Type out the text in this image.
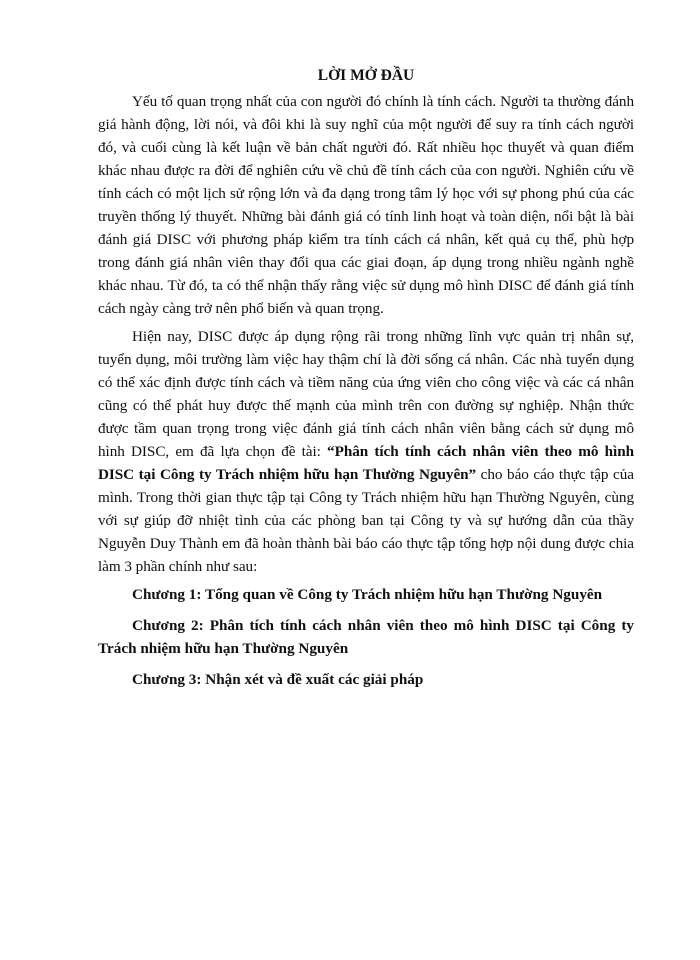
LỜI MỞ ĐẦU

Yếu tố quan trọng nhất của con người đó chính là tính cách. Người ta thường đánh giá hành động, lời nói, và đôi khi là suy nghĩ của một người để suy ra tính cách người đó, và cuối cùng là kết luận về bản chất người đó. Rất nhiều học thuyết và quan điểm khác nhau được ra đời để nghiên cứu về chủ đề tính cách của con người. Nghiên cứu về tính cách có một lịch sử rộng lớn và đa dạng trong tâm lý học với sự phong phú của các truyền thống lý thuyết. Những bài đánh giá có tính linh hoạt và toàn diện, nổi bật là bài đánh giá DISC với phương pháp kiểm tra tính cách cá nhân, kết quả cụ thể, phù hợp trong đánh giá nhân viên thay đổi qua các giai đoạn, áp dụng trong nhiều ngành nghề khác nhau. Từ đó, ta có thể nhận thấy rằng việc sử dụng mô hình DISC để đánh giá tính cách ngày càng trở nên phổ biến và quan trọng.

Hiện nay, DISC được áp dụng rộng rãi trong những lĩnh vực quản trị nhân sự, tuyển dụng, môi trường làm việc hay thậm chí là đời sống cá nhân. Các nhà tuyển dụng có thể xác định được tính cách và tiềm năng của ứng viên cho công việc và các cá nhân cũng có thể phát huy được thế mạnh của mình trên con đường sự nghiệp. Nhận thức được tầm quan trọng trong việc đánh giá tính cách nhân viên bằng cách sử dụng mô hình DISC, em đã lựa chọn đề tài: “Phân tích tính cách nhân viên theo mô hình DISC tại Công ty Trách nhiệm hữu hạn Thường Nguyên” cho báo cáo thực tập của mình. Trong thời gian thực tập tại Công ty Trách nhiệm hữu hạn Thường Nguyên, cùng với sự giúp đỡ nhiệt tình của các phòng ban tại Công ty và sự hướng dẫn của thầy Nguyễn Duy Thành em đã hoàn thành bài báo cáo thực tập tổng hợp nội dung được chia làm 3 phần chính như sau:

Chương 1: Tổng quan về Công ty Trách nhiệm hữu hạn Thường Nguyên

Chương 2: Phân tích tính cách nhân viên theo mô hình DISC tại Công ty Trách nhiệm hữu hạn Thường Nguyên

Chương 3: Nhận xét và đề xuất các giải pháp
